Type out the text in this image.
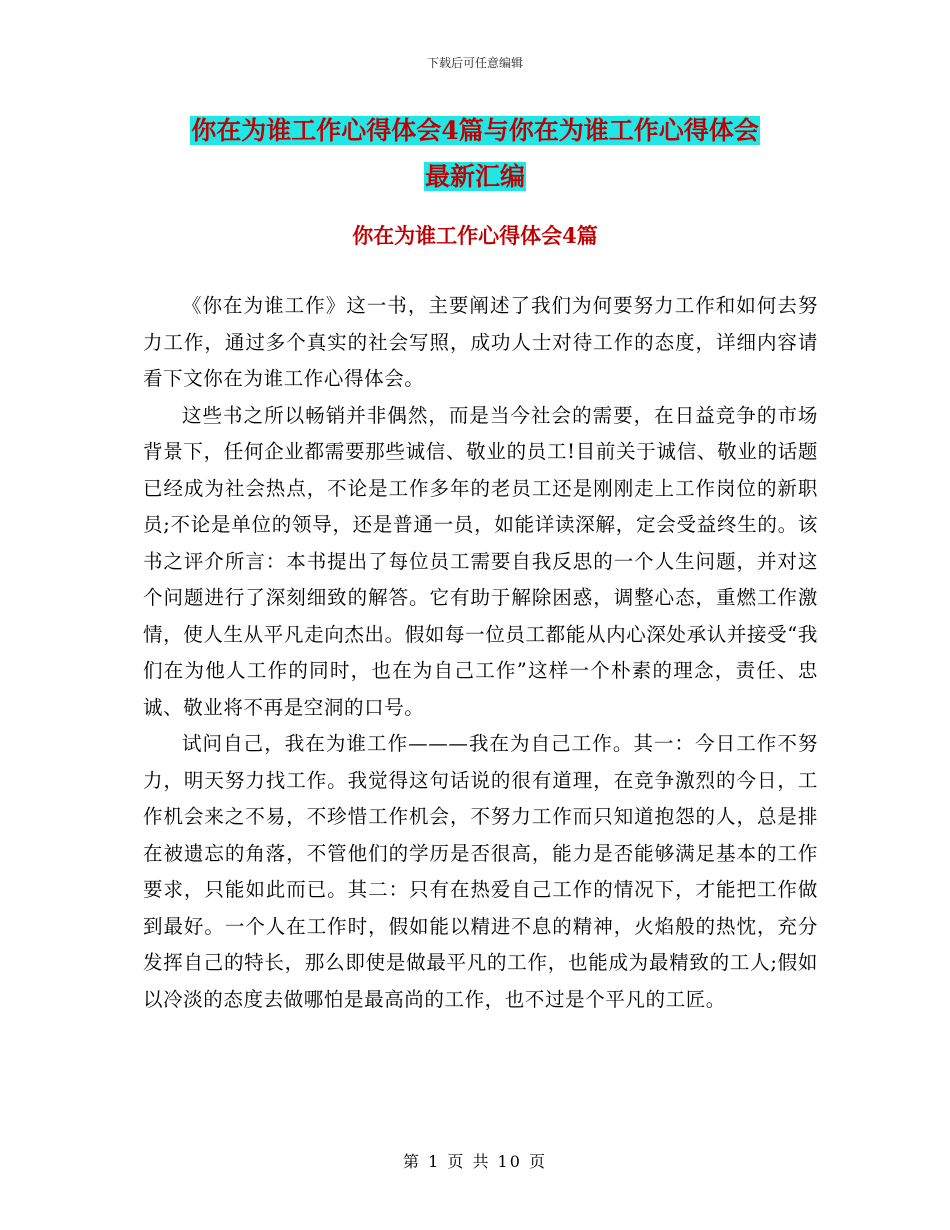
下载后可任意编辑
你在为谁工作心得体会4篇与你在为谁工作心得体会
最新汇编
你在为谁工作心得体会4篇

《你在为谁工作》这一书，主要阐述了我们为何要努力工作和如何去努力工作，通过多个真实的社会写照，成功人士对待工作的态度，详细内容请看下文你在为谁工作心得体会。

这些书之所以畅销并非偶然，而是当今社会的需要，在日益竞争的市场背景下，任何企业都需要那些诚信、敬业的员工!目前关于诚信、敬业的话题已经成为社会热点，不论是工作多年的老员工还是刚刚走上工作岗位的新职员;不论是单位的领导，还是普通一员，如能详读深解，定会受益终生的。该书之评介所言：本书提出了每位员工需要自我反思的一个人生问题，并对这个问题进行了深刻细致的解答。它有助于解除困惑，调整心态，重燃工作激情，使人生从平凡走向杰出。假如每一位员工都能从内心深处承认并接受“我们在为他人工作的同时，也在为自己工作”这样一个朴素的理念，责任、忠诚、敬业将不再是空洞的口号。

试问自己，我在为谁工作———我在为自己工作。其一：今日工作不努力，明天努力找工作。我觉得这句话说的很有道理，在竞争激烈的今日，工作机会来之不易，不珍惜工作机会，不努力工作而只知道抱怨的人，总是排在被遗忘的角落，不管他们的学历是否很高，能力是否能够满足基本的工作要求，只能如此而已。其二：只有在热爱自己工作的情况下，才能把工作做到最好。一个人在工作时，假如能以精进不息的精神，火焰般的热忱，充分发挥自己的特长，那么即使是做最平凡的工作，也能成为最精致的工人;假如以冷淡的态度去做哪怕是最高尚的工作，也不过是个平凡的工匠。

第 1 页 共 10 页
